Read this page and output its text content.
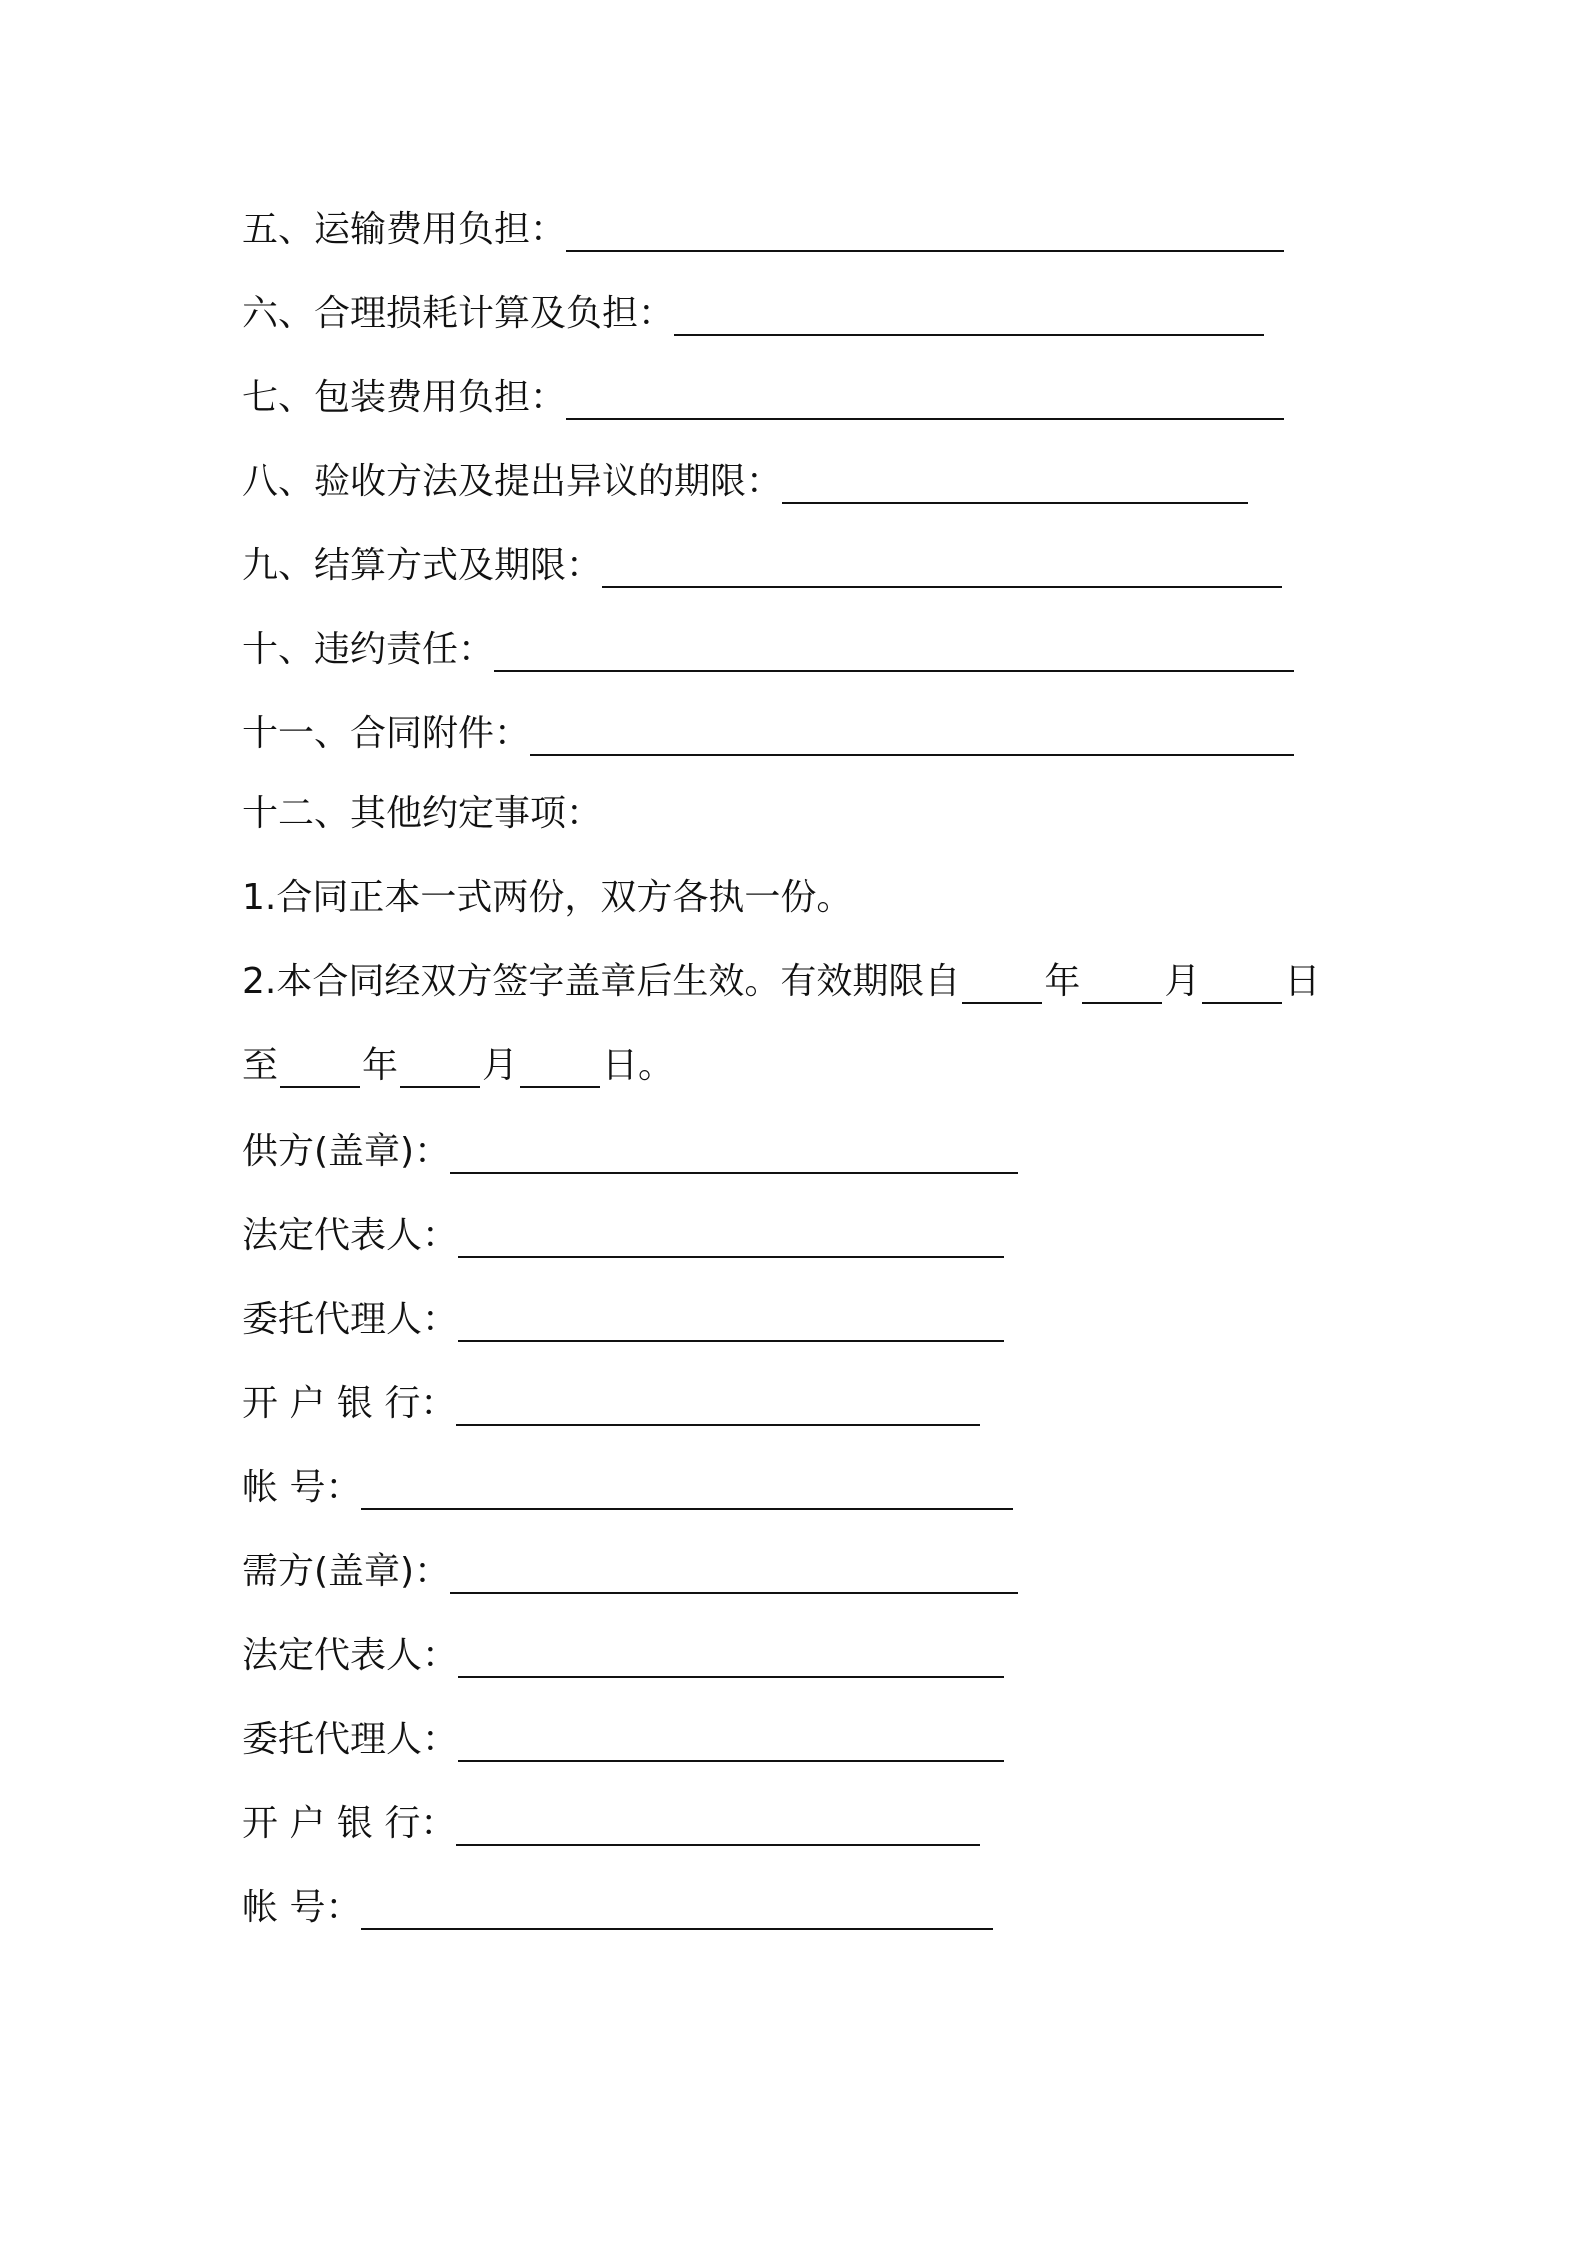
五、运输费用负担：
六、合理损耗计算及负担：
七、包装费用负担：
八、验收方法及提出异议的期限：
九、结算方式及期限：
十、违约责任：
十一、合同附件：
十二、其他约定事项：
1.合同正本一式两份，双方各执一份。
2.本合同经双方签字盖章后生效。有效期限自 年 月 日
至 年 月 日。
供方(盖章)：
法定代表人：
委托代理人：
开 户 银 行：
帐 号：
需方(盖章)：
法定代表人：
委托代理人：
开 户 银 行：
帐 号：
